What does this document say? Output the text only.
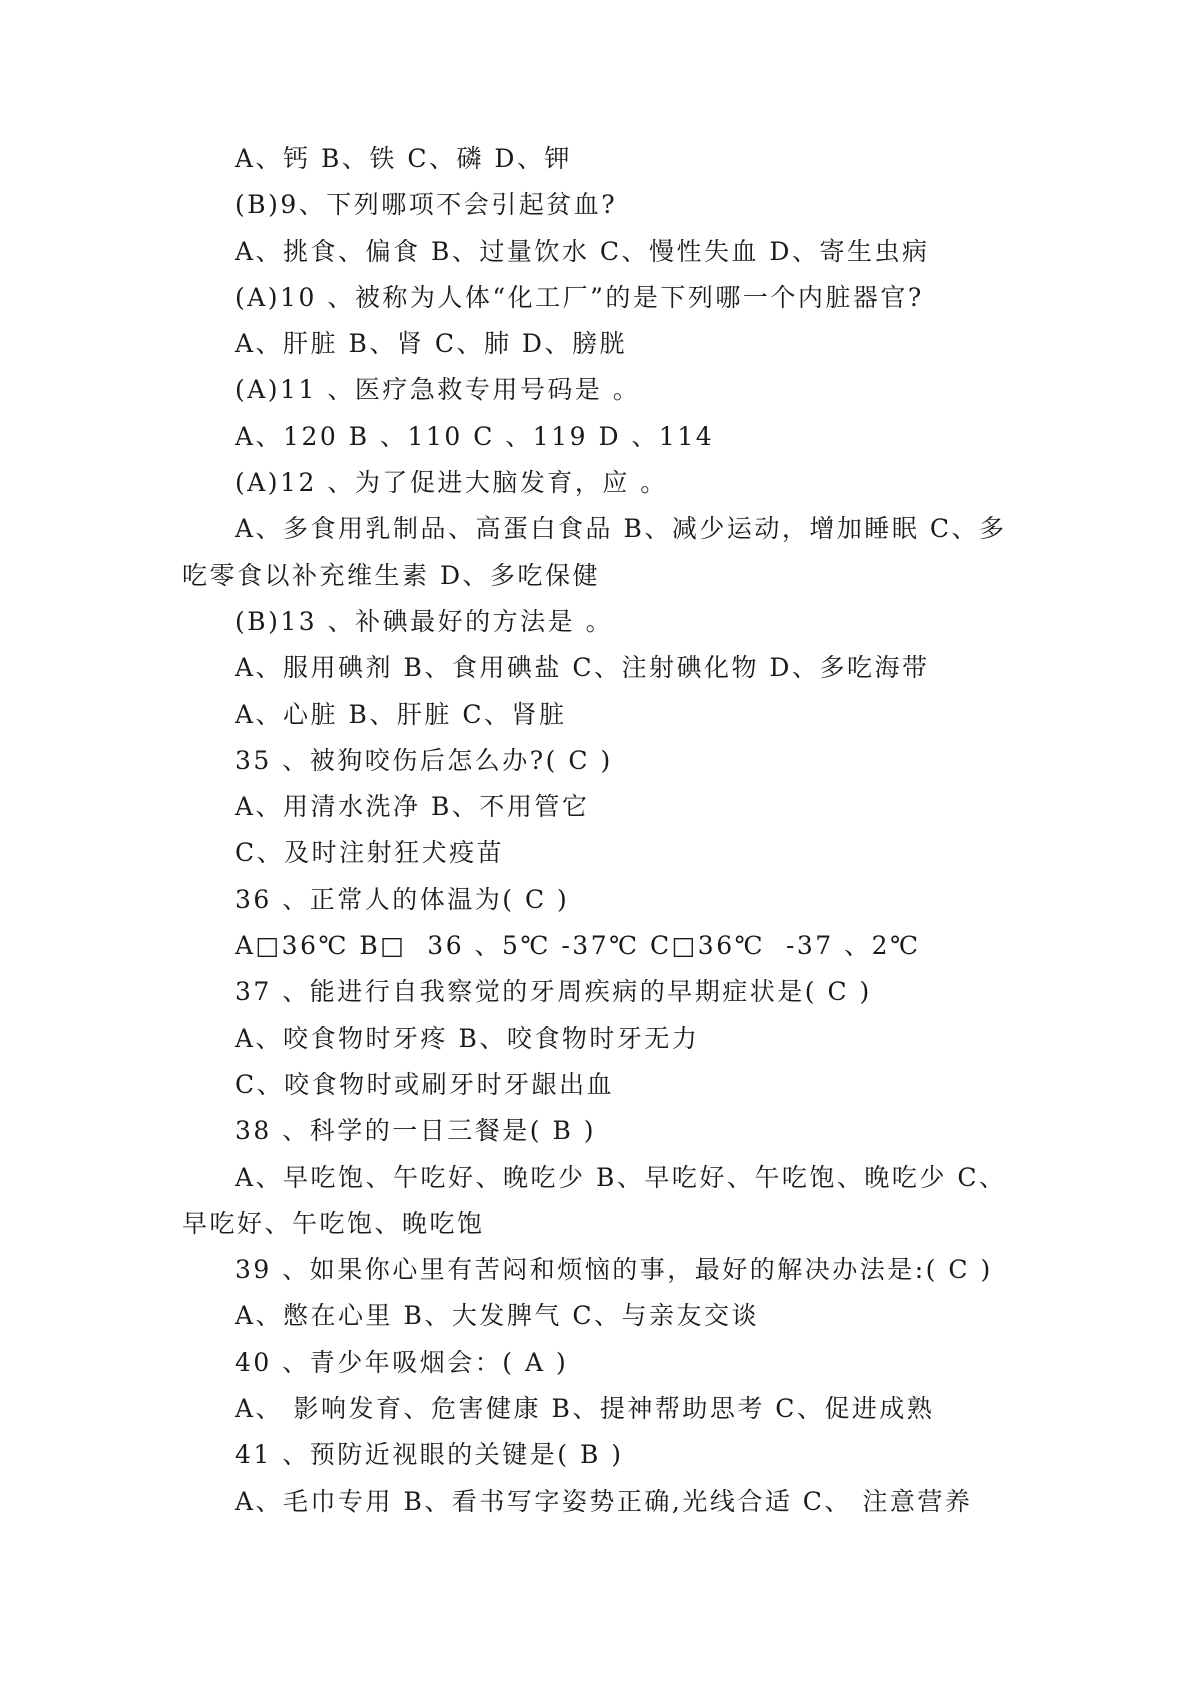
A、钙 B、铁 C、磷 D、钾

(B)9、下列哪项不会引起贫血?

A、挑食、偏食 B、过量饮水 C、慢性失血 D、寄生虫病

(A)10 、被称为人体“化工厂”的是下列哪一个内脏器官?

A、肝脏 B、肾 C、肺 D、膀胱

(A)11 、医疗急救专用号码是 。

A、120 B 、110 C 、119 D 、114

(A)12 、为了促进大脑发育，应 。

A、多食用乳制品、高蛋白食品 B、减少运动，增加睡眠 C、多吃零食以补充维生素 D、多吃保健

(B)13 、补碘最好的方法是 。

A、服用碘剂 B、食用碘盐 C、注射碘化物 D、多吃海带

A、心脏 B、肝脏 C、肾脏

35 、被狗咬伤后怎么办?( C )

A、用清水洗净 B、不用管它

C、及时注射狂犬疫苗

36 、正常人的体温为( C )

A□36℃ B□  36 、5℃ -37℃ C□36℃  -37 、2℃

37 、能进行自我察觉的牙周疾病的早期症状是( C )

A、咬食物时牙疼 B、咬食物时牙无力

C、咬食物时或刷牙时牙龈出血

38 、科学的一日三餐是( B )

A、早吃饱、午吃好、晚吃少 B、早吃好、午吃饱、晚吃少 C、早吃好、午吃饱、晚吃饱

39 、如果你心里有苦闷和烦恼的事，最好的解决办法是:( C )

A、憋在心里 B、大发脾气 C、与亲友交谈

40 、青少年吸烟会：( A )

A、 影响发育、危害健康 B、提神帮助思考 C、促进成熟

41 、预防近视眼的关键是( B )

A、毛巾专用 B、看书写字姿势正确,光线合适 C、 注意营养
